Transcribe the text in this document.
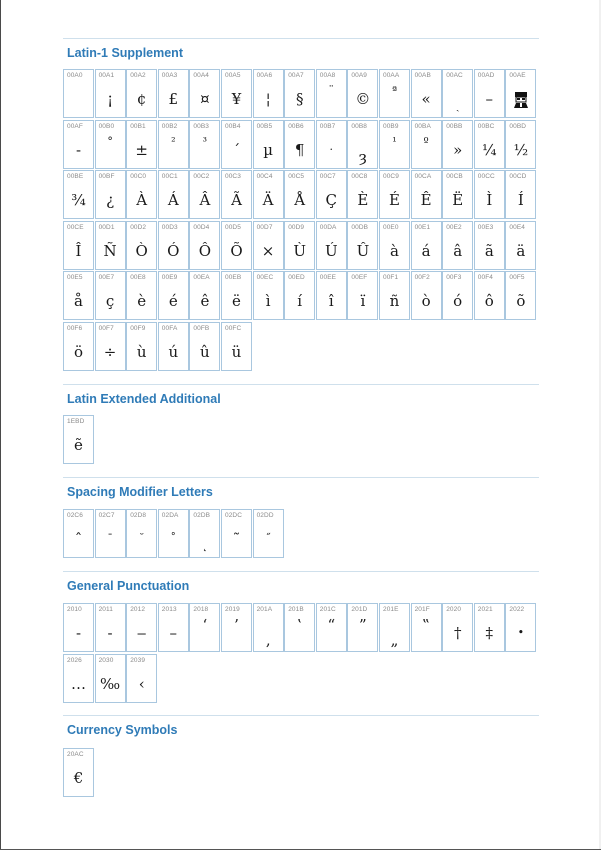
Latin-1 Supplement
00A0 00A1
¡
00A2
¢
00A3
£
00A4
¤
00A5
¥
00A6
¦
00A7
§
00A8
¨
00A9
©
00AA
ª
00AB
«
00AC
ˎ
00AD
–
00AE
00AF
-
00B0
°
00B1
±
00B2
²
00B3
³
00B4
ˊ
00B5
µ
00B6
¶
00B7
·
00B8
ȝ
00B9
¹
00BA
º
00BB
»
00BC
¼
00BD
½
00BE
¾
00BF
¿
00C0
À
00C1
Á
00C2
Â
00C3
Ã
00C4
Ä
00C5
Å
00C7
Ç
00C8
È
00C9
É
00CA
Ê
00CB
Ë
00CC
Ì
00CD
Í
00CE
Î
00D1
Ñ
00D2
Ò
00D3
Ó
00D4
Ô
00D5
Õ
00D7
×
00D9
Ù
00DA
Ú
00DB
Û
00E0
à
00E1
á
00E2
â
00E3
ã
00E4
ä
00E5
å
00E7
ç
00E8
è
00E9
é
00EA
ê
00EB
ë
00EC
ì
00ED
í
00EE
î
00EF
ï
00F1
ñ
00F2
ò
00F3
ó
00F4
ô
00F5
õ
00F6
ö
00F7
÷
00F9
ù
00FA
ú
00FB
û
00FC
ü
Latin Extended Additional
1EBD
ẽ
Spacing Modifier Letters
02C6
ˆ
02C7
ˉ
02D8
˘
02DA
˚
02DB
˛
02DC
˜
02DD
˝
General Punctuation
2010
‐
2011
‑
2012
‒
2013
–
2018
‘
2019
’
201A
‚
201B
‛
201C
“
201D
”
201E
„
201F
‟
2020
†
2021
‡
2022
•
2026
…
2030
‰
2039
‹
Currency Symbols
20AC
€
